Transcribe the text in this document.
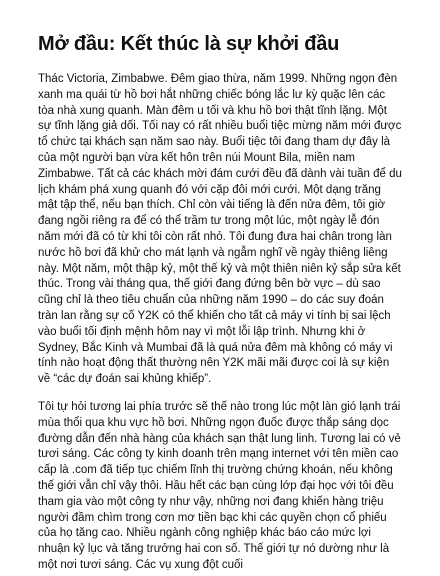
Mở đầu: Kết thúc là sự khởi đầu

Thác Victoria, Zimbabwe. Đêm giao thừa, năm 1999. Những ngọn đèn xanh ma quái từ hồ bơi hắt những chiếc bóng lắc lư kỳ quặc lên các tòa nhà xung quanh. Màn đêm u tối và khu hồ bơi thật tĩnh lặng. Một sự tĩnh lặng giả dối. Tối nay có rất nhiều buổi tiệc mừng năm mới được tổ chức tại khách sạn năm sao này. Buổi tiệc tôi đang tham dự đây là của một người bạn vừa kết hôn trên núi Mount Bila, miền nam Zimbabwe. Tất cả các khách mời đám cưới đều đã dành vài tuần để du lịch khám phá xung quanh đó với cặp đôi mới cưới. Một dạng trăng mật tập thể, nếu bạn thích. Chỉ còn vài tiếng là đến nửa đêm, tôi giờ đang ngồi riêng ra để có thể trầm tư trong một lúc, một ngày lễ đón năm mới đã có từ khi tôi còn rất nhỏ. Tôi đung đưa hai chân trong làn nước hồ bơi đã khử cho mát lạnh và ngẫm nghĩ về ngày thiêng liêng này. Một năm, một thập kỷ, một thế kỷ và một thiên niên kỷ sắp sửa kết thúc. Trong vài tháng qua, thế giới đang đứng bên bờ vực – dù sao cũng chỉ là theo tiêu chuẩn của những năm 1990 – do các suy đoán tràn lan rằng sự cố Y2K có thể khiến cho tất cả máy vi tính bị sai lệch vào buổi tối định mệnh hôm nay vì một lỗi lập trình. Nhưng khi ở Sydney, Bắc Kinh và Mumbai đã là quá nửa đêm mà không có máy vi tính nào hoạt động thất thường nên Y2K mãi mãi được coi là sự kiện về “các dự đoán sai khủng khiếp”.

Tôi tự hỏi tương lai phía trước sẽ thế nào trong lúc một làn gió lạnh trái mùa thổi qua khu vực hồ bơi. Những ngọn đuốc được thắp sáng dọc đường dẫn đến nhà hàng của khách sạn thật lung linh. Tương lai có vẻ tươi sáng. Các công ty kinh doanh trên mạng internet với tên miền cao cấp là .com đã tiếp tục chiếm lĩnh thị trường chứng khoán, nếu không thế giới vẫn chỉ vậy thôi. Hầu hết các bạn cùng lớp đại học với tôi đều tham gia vào một công ty như vậy, những nơi đang khiến hàng triệu người đầm chìm trong cơn mơ tiền bạc khi các quyền chọn cổ phiếu của họ tăng cao. Nhiều ngành công nghiệp khác báo cáo mức lợi nhuận kỷ lục và tăng trưởng hai con số. Thế giới tự nó dường như là một nơi tươi sáng. Các vụ xung đột cuối
